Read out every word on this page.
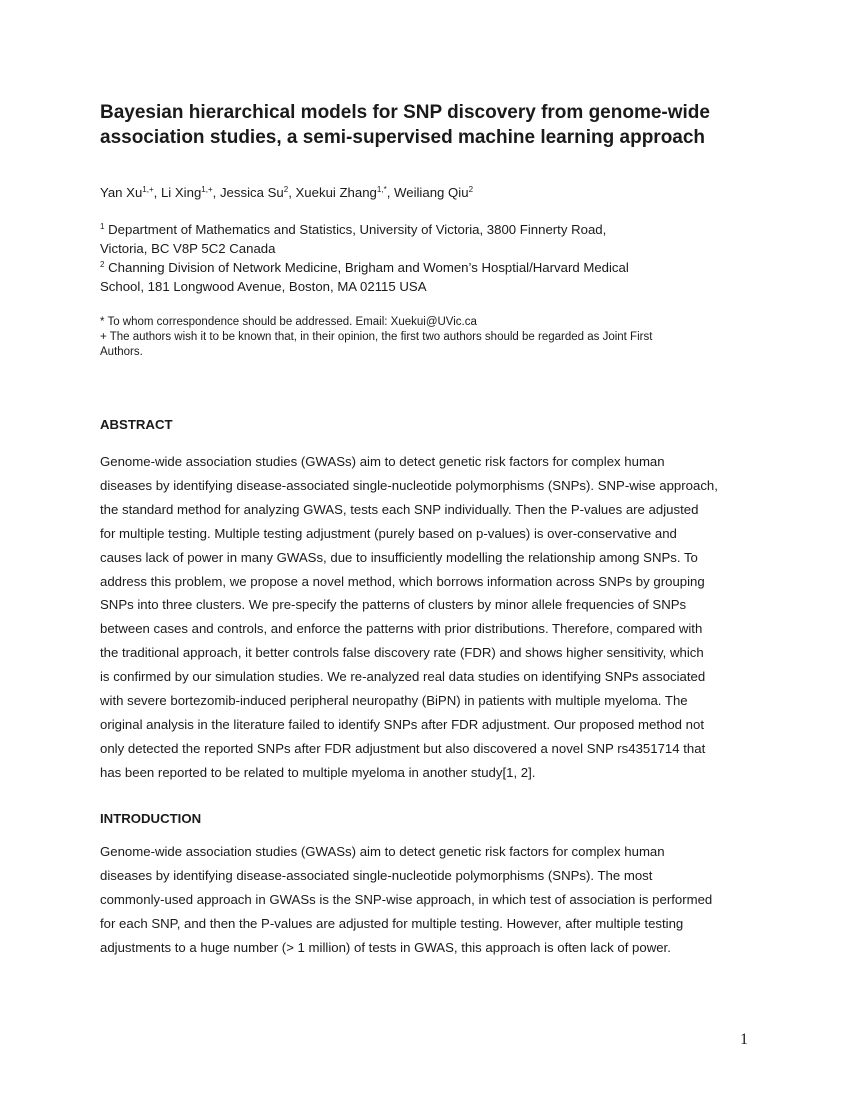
Bayesian hierarchical models for SNP discovery from genome-wide
association studies, a semi-supervised machine learning approach
Yan $Xu^{1,+}$, Li Xing$^{1,+}$, Jessica Su$^2$, Xuekui Zhang$^{1,*}$, Weiliang Qiu$^2$

$^1$ Department of Mathematics and Statistics, University of Victoria, 3800 Finnerty Road,
Victoria, BC V8P 5C2 Canada

$^2$ Channing Division of Network Medicine, Brigham and Women’s Hosptial/Harvard Medical
School, 181 Longwood Avenue, Boston, MA 02115 USA

* To whom correspondence should be addressed. Email: Xuekui@UVic.ca

+ The authors wish it to be known that, in their opinion, the first two authors should be regarded as Joint First
Authors.

ABSTRACT

Genome-wide association studies (GWASs) aim to detect genetic risk factors for complex human
diseases by identifying disease-associated single-nucleotide polymorphisms (SNPs). SNP-wise approach,
the standard method for analyzing GWAS, tests each SNP individually. Then the P-values are adjusted
for multiple testing. Multiple testing adjustment (purely based on p-values) is over-conservative and
causes lack of power in many GWASs, due to insufficiently modelling the relationship among SNPs. To
address this problem, we propose a novel method, which borrows information across SNPs by grouping
SNPs into three clusters. We pre-specify the patterns of clusters by minor allele frequencies of SNPs
between cases and controls, and enforce the patterns with prior distributions. Therefore, compared with
the traditional approach, it better controls false discovery rate (FDR) and shows higher sensitivity, which
is confirmed by our simulation studies. We re-analyzed real data studies on identifying SNPs associated
with severe bortezomib-induced peripheral neuropathy (BiPN) in patients with multiple myeloma. The
original analysis in the literature failed to identify SNPs after FDR adjustment. Our proposed method not
only detected the reported SNPs after FDR adjustment but also discovered a novel SNP rs4351714 that
has been reported to be related to multiple myeloma in another study[1, 2].

INTRODUCTION

Genome-wide association studies (GWASs) aim to detect genetic risk factors for complex human
diseases by identifying disease-associated single-nucleotide polymorphisms (SNPs). The most
commonly-used approach in GWASs is the SNP-wise approach, in which test of association is performed
for each SNP, and then the P-values are adjusted for multiple testing. However, after multiple testing
adjustments to a huge number (> 1 million) of tests in GWAS, this approach is often lack of power.

1
